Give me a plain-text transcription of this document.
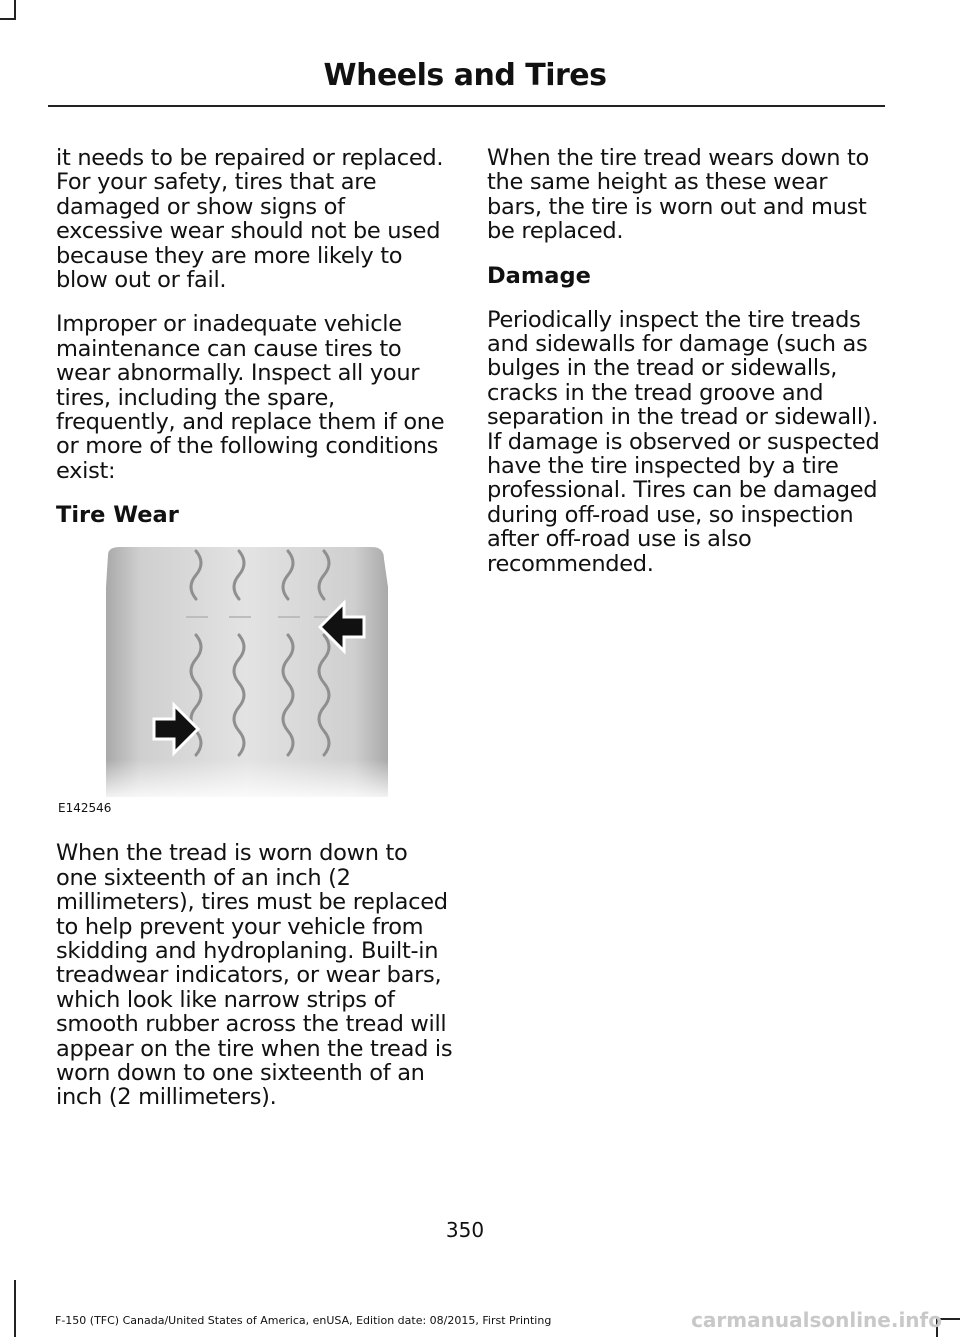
Wheels and Tires

it needs to be repaired or replaced. For your safety, tires that are damaged or show signs of excessive wear should not be used because they are more likely to blow out or fail.

Improper or inadequate vehicle maintenance can cause tires to wear abnormally. Inspect all your tires, including the spare, frequently, and replace them if one or more of the following conditions exist:

Tire Wear
E142546

When the tread is worn down to one sixteenth of an inch (2 millimeters), tires must be replaced to help prevent your vehicle from skidding and hydroplaning. Built-in treadwear indicators, or wear bars, which look like narrow strips of smooth rubber across the tread will appear on the tire when the tread is worn down to one sixteenth of an inch (2 millimeters).

When the tire tread wears down to the same height as these wear bars, the tire is worn out and must be replaced.

Damage

Periodically inspect the tire treads and sidewalls for damage (such as bulges in the tread or sidewalls, cracks in the tread groove and separation in the tread or sidewall). If damage is observed or suspected have the tire inspected by a tire professional. Tires can be damaged during off-road use, so inspection after off-road use is also recommended.

350
F-150 (TFC) Canada/United States of America, enUSA, Edition date: 08/2015, First Printing	carmanualsonline.info
